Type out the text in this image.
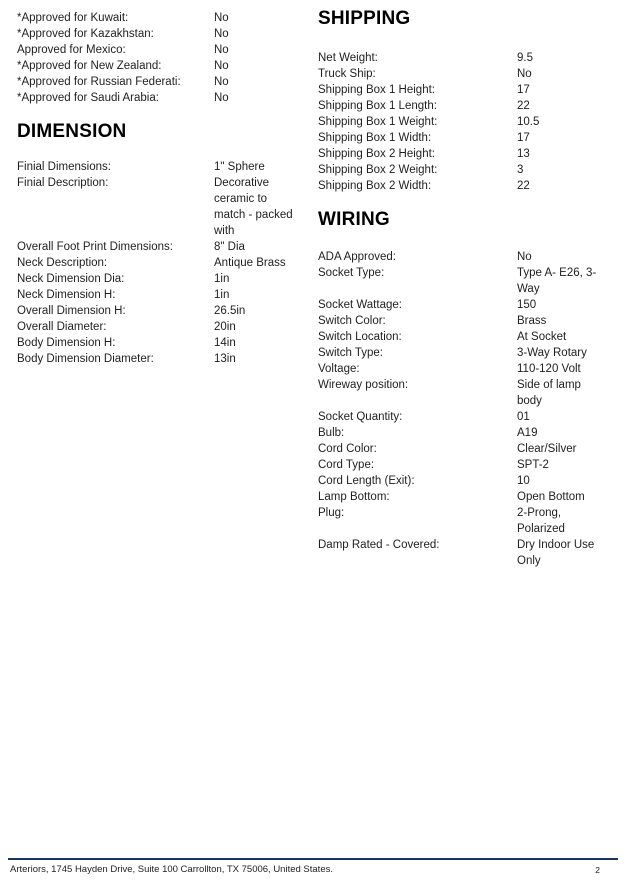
*Approved for Kuwait:	No
*Approved for Kazakhstan:	No
Approved for Mexico:	No
*Approved for New Zealand:	No
*Approved for Russian Federati:	No
*Approved for Saudi Arabia:	No
DIMENSION
Finial Dimensions:	1" Sphere
Finial Description:	Decorative ceramic to match - packed with
Overall Foot Print Dimensions:	8" Dia
Neck Description:	Antique Brass
Neck Dimension Dia:	1in
Neck Dimension H:	1in
Overall Dimension H:	26.5in
Overall Diameter:	20in
Body Dimension H:	14in
Body Dimension Diameter:	13in
SHIPPING
Net Weight:	9.5
Truck Ship:	No
Shipping Box 1 Height:	17
Shipping Box 1 Length:	22
Shipping Box 1 Weight:	10.5
Shipping Box 1 Width:	17
Shipping Box 2 Height:	13
Shipping Box 2 Weight:	3
Shipping Box 2 Width:	22
WIRING
ADA Approved:	No
Socket Type:	Type A- E26, 3-Way
Socket Wattage:	150
Switch Color:	Brass
Switch Location:	At Socket
Switch Type:	3-Way Rotary
Voltage:	110-120 Volt
Wireway position:	Side of lamp body
Socket Quantity:	01
Bulb:	A19
Cord Color:	Clear/Silver
Cord Type:	SPT-2
Cord Length (Exit):	10
Lamp Bottom:	Open Bottom
Plug:	2-Prong, Polarized
Damp Rated - Covered:	Dry Indoor Use Only
Arteriors, 1745 Hayden Drive, Suite 100 Carrollton, TX 75006, United States.	2
